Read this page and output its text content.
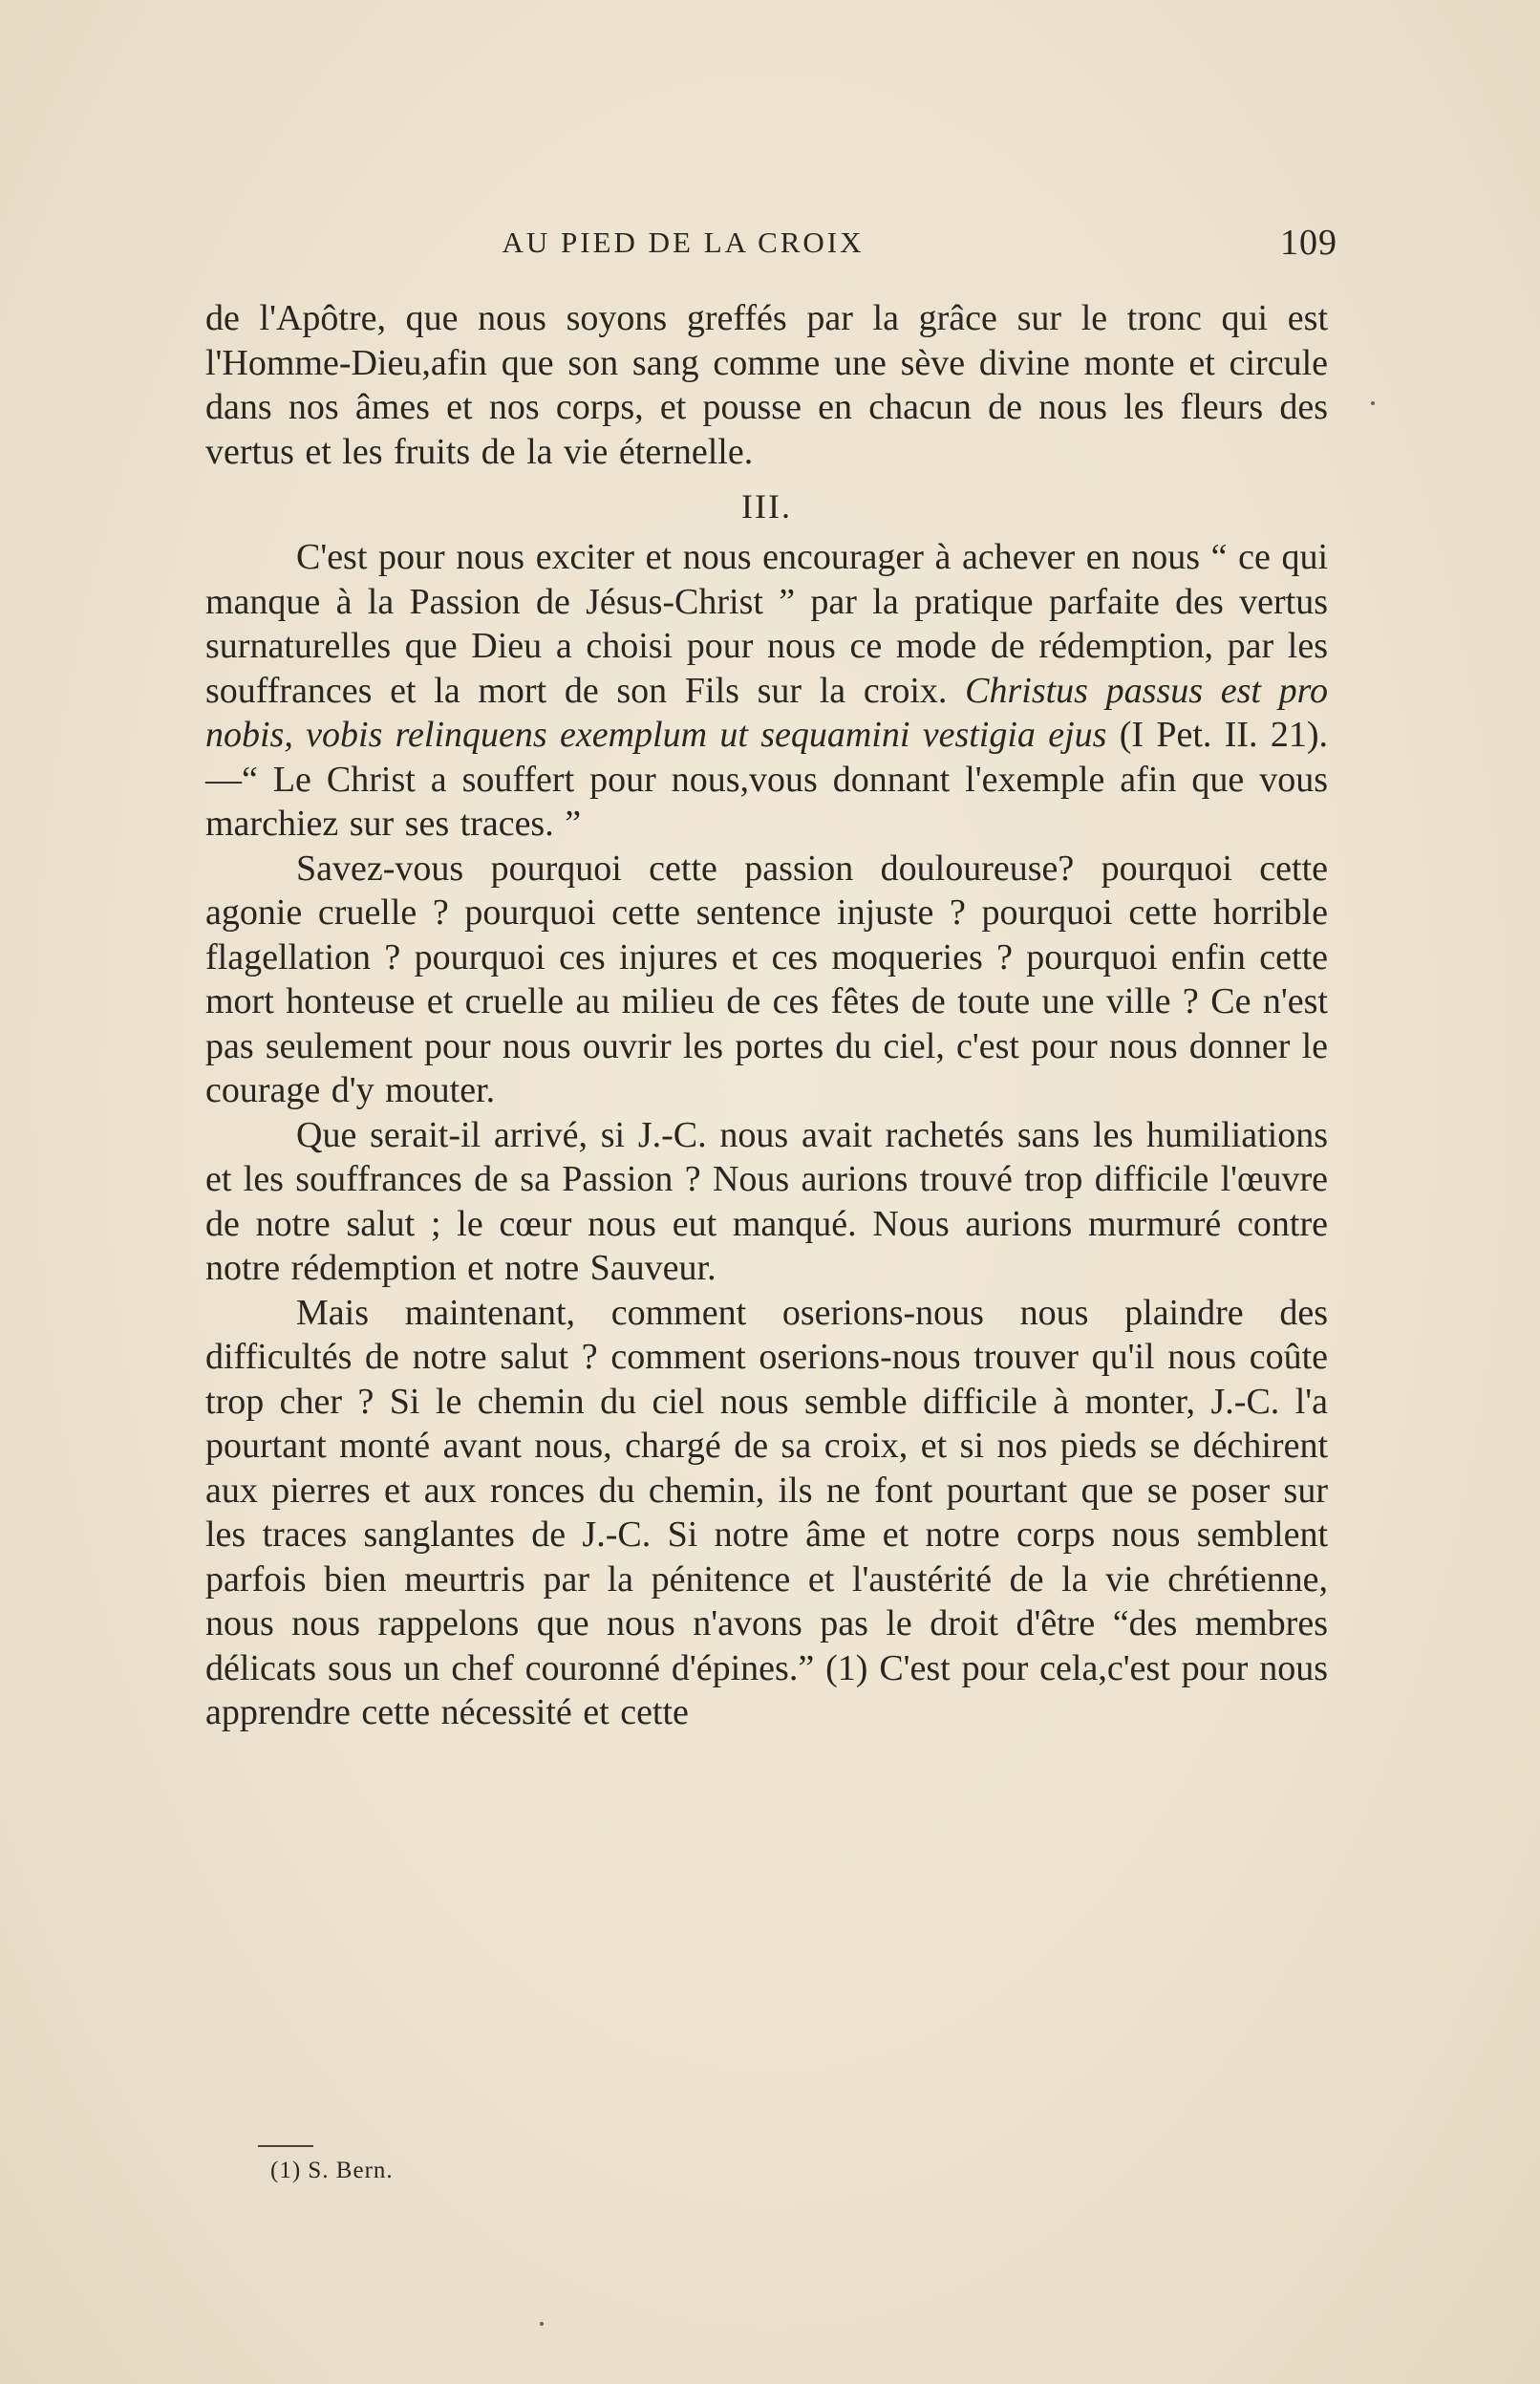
AU PIED DE LA CROIX	109

de l'Apôtre, que nous soyons greffés par la grâce sur le tronc qui est l'Homme-Dieu,afin que son sang comme une sève divine monte et circule dans nos âmes et nos corps, et pousse en chacun de nous les fleurs des vertus et les fruits de la vie éternelle.

III.

C'est pour nous exciter et nous encourager à achever en nous “ ce qui manque à la Passion de Jésus-Christ ” par la pratique parfaite des vertus surnaturelles que Dieu a choisi pour nous ce mode de rédemption, par les souffrances et la mort de son Fils sur la croix. Christus passus est pro nobis, vobis relinquens exemplum ut sequamini vestigia ejus (I Pet. II. 21).—“ Le Christ a souffert pour nous,vous donnant l'exemple afin que vous marchiez sur ses traces. ”

Savez-vous pourquoi cette passion douloureuse? pourquoi cette agonie cruelle ? pourquoi cette sentence injuste ? pourquoi cette horrible flagellation ? pourquoi ces injures et ces moqueries ? pourquoi enfin cette mort honteuse et cruelle au milieu de ces fêtes de toute une ville ? Ce n'est pas seulement pour nous ouvrir les portes du ciel, c'est pour nous donner le courage d'y mouter.

Que serait-il arrivé, si J.-C. nous avait rachetés sans les humiliations et les souffrances de sa Passion ? Nous aurions trouvé trop difficile l'œuvre de notre salut ; le cœur nous eut manqué. Nous aurions murmuré contre notre rédemption et notre Sauveur.

Mais maintenant, comment oserions-nous nous plaindre des difficultés de notre salut ? comment oserions-nous trouver qu'il nous coûte trop cher ? Si le chemin du ciel nous semble difficile à monter, J.-C. l'a pourtant monté avant nous, chargé de sa croix, et si nos pieds se déchirent aux pierres et aux ronces du chemin, ils ne font pourtant que se poser sur les traces sanglantes de J.-C. Si notre âme et notre corps nous semblent parfois bien meurtris par la pénitence et l'austérité de la vie chrétienne, nous nous rappelons que nous n'avons pas le droit d'être “des membres délicats sous un chef couronné d'épines.” (1) C'est pour cela,c'est pour nous apprendre cette nécessité et cette

(1) S. Bern.
